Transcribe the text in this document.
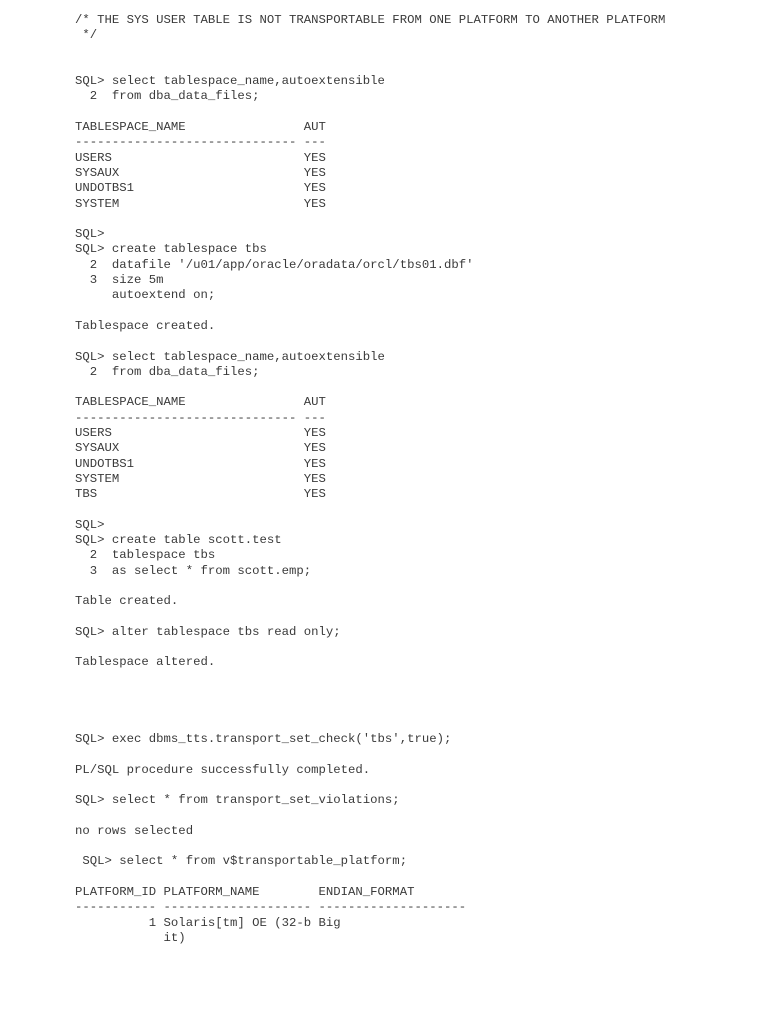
/* THE SYS USER TABLE IS NOT TRANSPORTABLE FROM ONE PLATFORM TO ANOTHER PLATFORM
*/
SQL> select tablespace_name,autoextensible
2  from dba_data_files;
TABLESPACE_NAME                AUT
------------------------------ ---
USERS                          YES
SYSAUX                         YES
UNDOTBS1                       YES
SYSTEM                         YES
SQL>
SQL> create tablespace tbs
2  datafile '/u01/app/oracle/oradata/orcl/tbs01.dbf'
3  size 5m
autoextend on;
Tablespace created.
SQL> select tablespace_name,autoextensible
2  from dba_data_files;
TABLESPACE_NAME                AUT
------------------------------ ---
USERS                          YES
SYSAUX                         YES
UNDOTBS1                       YES
SYSTEM                         YES
TBS                            YES
SQL>
SQL> create table scott.test
2  tablespace tbs
3  as select * from scott.emp;
Table created.
SQL> alter tablespace tbs read only;
Tablespace altered.
SQL> exec dbms_tts.transport_set_check('tbs',true);
PL/SQL procedure successfully completed.
SQL> select * from transport_set_violations;
no rows selected
SQL> select * from v$transportable_platform;
PLATFORM_ID PLATFORM_NAME        ENDIAN_FORMAT
----------- -------------------- --------------------
1 Solaris[tm] OE (32-b Big
it)
